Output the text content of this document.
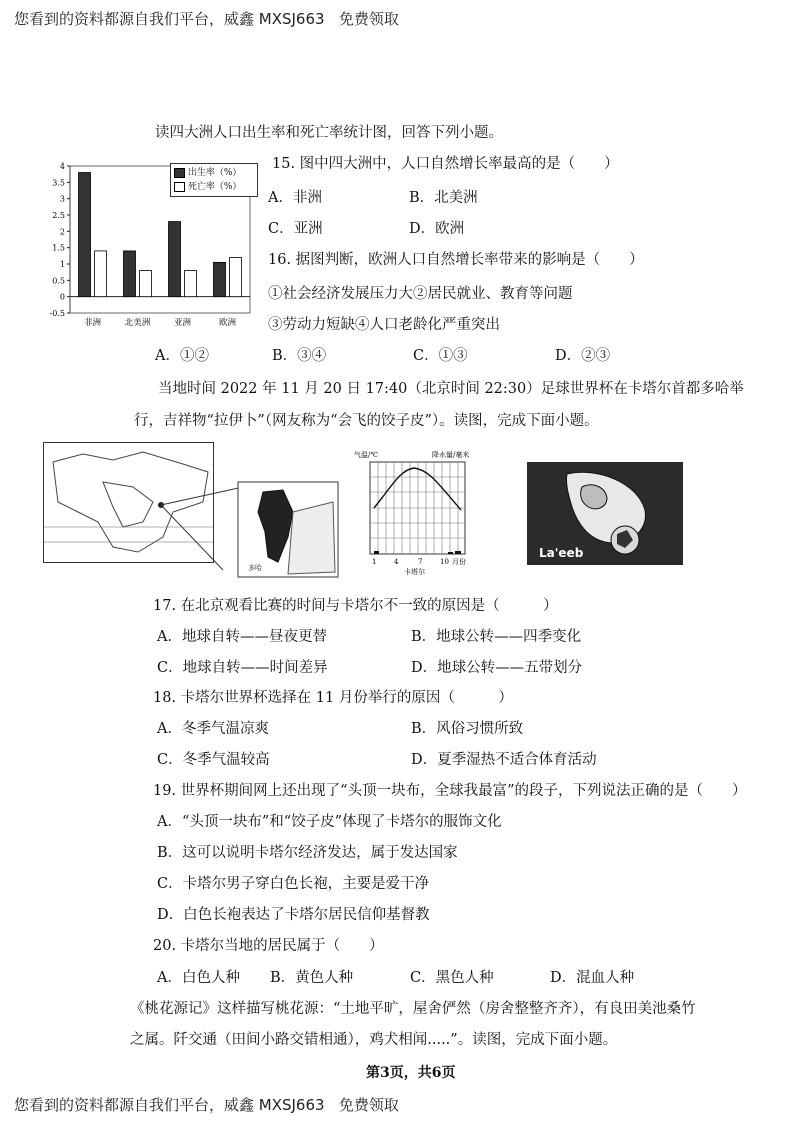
您看到的资料都源自我们平台，威鑫 MXSJ663   免费领取
您看到的资料都源自我们平台，威鑫 MXSJ663   免费领取
读四大洲人口出生率和死亡率统计图，回答下列小题。
-0.5
0
0.5
1
1.5
2
2.5
3
3.5
4
非洲	北美洲	亚洲	欧洲
出生率（%）
死亡率（%）
15. 图中四大洲中，人口自然增长率最高的是（　　）
A．非洲	B．北美洲
C．亚洲	D．欧洲
16. 据图判断，欧洲人口自然增长率带来的影响是（　　）
①社会经济发展压力大②居民就业、教育等问题
③劳动力短缺④人口老龄化严重突出
A．①②	B．③④	C．①③	D．②③
当地时间 2022 年 11 月 20 日 17:40（北京时间 22:30）足球世界杯在卡塔尔首都多哈举
行，吉祥物“拉伊卜”（网友称为“会飞的饺子皮”）。读图，完成下面小题。
多哈
气温/℃	降水量/毫米
1	4	7	10 月份
卡塔尔
La'eeb
17. 在北京观看比赛的时间与卡塔尔不一致的原因是（　　　）
A．地球自转——昼夜更替	B．地球公转——四季变化
C．地球自转——时间差异	D．地球公转——五带划分
18. 卡塔尔世界杯选择在 11 月份举行的原因（　　　）
A．冬季气温凉爽	B．风俗习惯所致
C．冬季气温较高	D．夏季湿热不适合体育活动
19. 世界杯期间网上还出现了“头顶一块布，全球我最富”的段子，下列说法正确的是（　　）
A．“头顶一块布”和“饺子皮”体现了卡塔尔的服饰文化
B．这可以说明卡塔尔经济发达，属于发达国家
C．卡塔尔男子穿白色长袍，主要是爱干净
D．白色长袍表达了卡塔尔居民信仰基督教
20. 卡塔尔当地的居民属于（　　）
A．白色人种 B．黄色人种	C．黑色人种	D．混血人种
《桃花源记》这样描写桃花源：“土地平旷，屋舍俨然（房舍整整齐齐），有良田美池桑竹
之属。阡交通（田间小路交错相通），鸡犬相闻.....”。读图，完成下面小题。
第3页，共6页
